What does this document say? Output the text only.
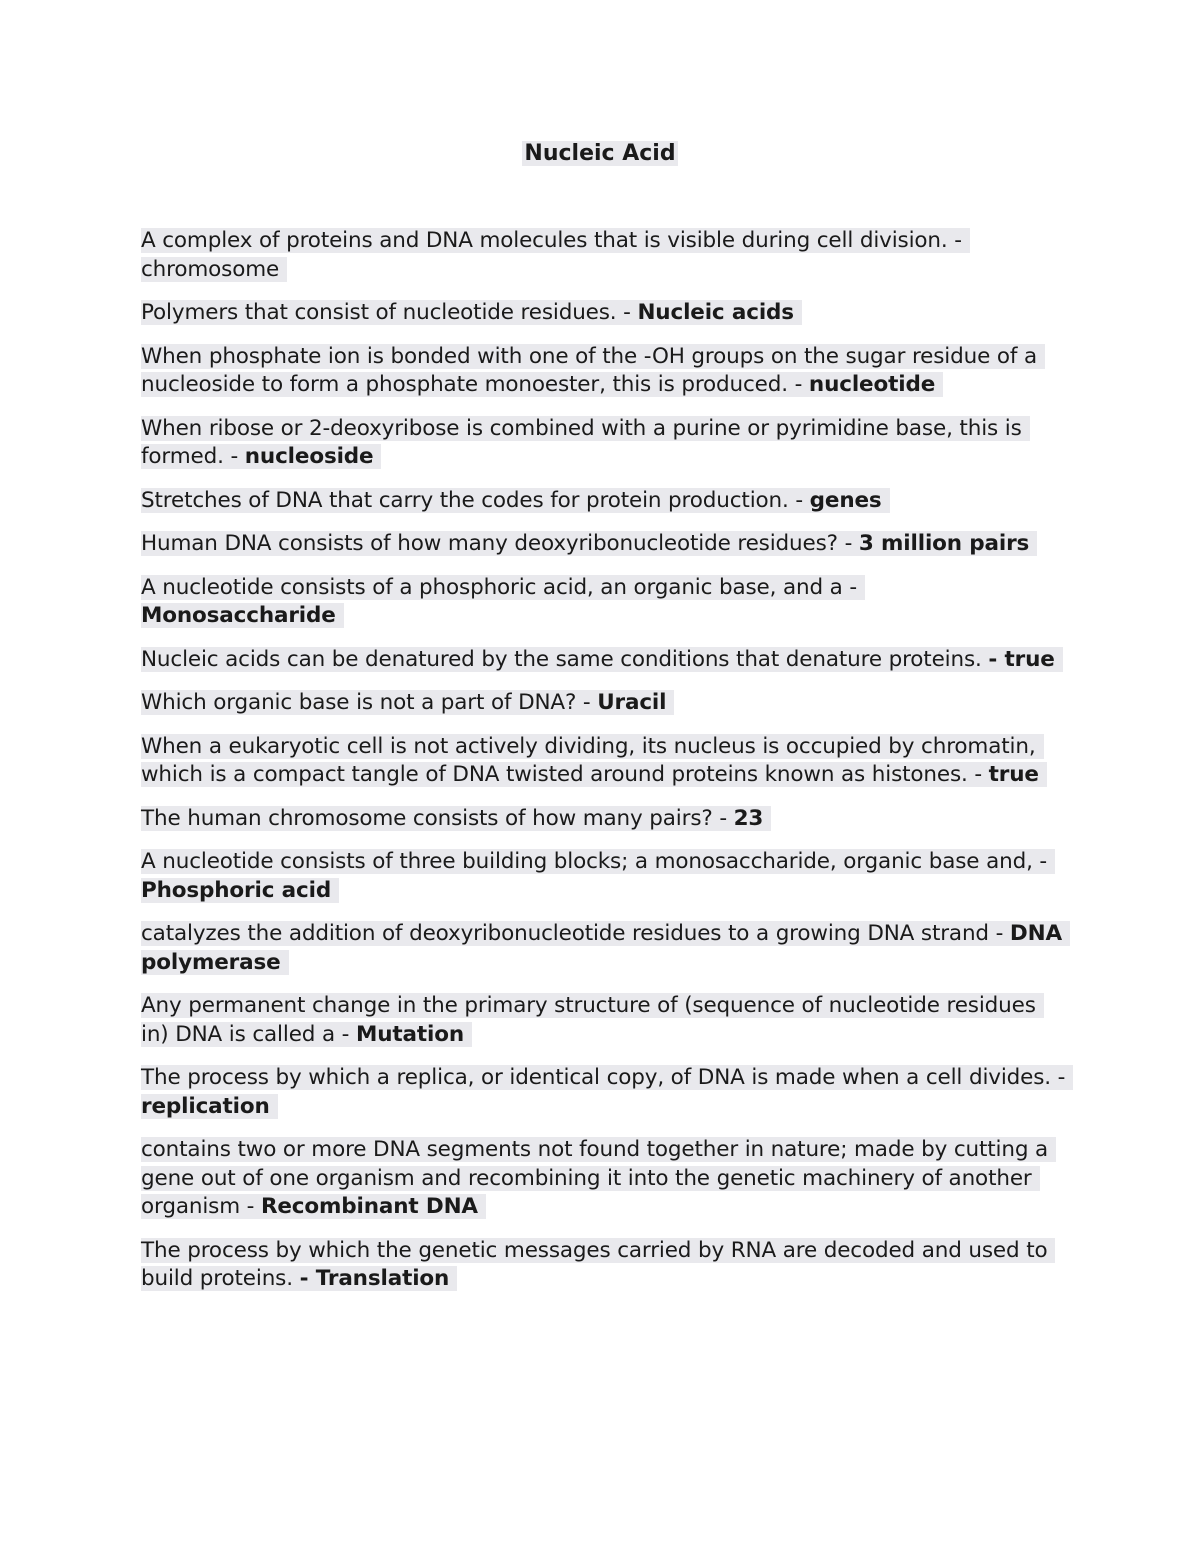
Nucleic Acid

A complex of proteins and DNA molecules that is visible during cell division. - chromosome

Polymers that consist of nucleotide residues. - Nucleic acids

When phosphate ion is bonded with one of the -OH groups on the sugar residue of a nucleoside to form a phosphate monoester, this is produced. - nucleotide

When ribose or 2-deoxyribose is combined with a purine or pyrimidine base, this is formed. - nucleoside

Stretches of DNA that carry the codes for protein production. - genes

Human DNA consists of how many deoxyribonucleotide residues? - 3 million pairs

A nucleotide consists of a phosphoric acid, an organic base, and a - Monosaccharide

Nucleic acids can be denatured by the same conditions that denature proteins. - true

Which organic base is not a part of DNA? - Uracil

When a eukaryotic cell is not actively dividing, its nucleus is occupied by chromatin, which is a compact tangle of DNA twisted around proteins known as histones. - true

The human chromosome consists of how many pairs? - 23

A nucleotide consists of three building blocks; a monosaccharide, organic base and, - Phosphoric acid

catalyzes the addition of deoxyribonucleotide residues to a growing DNA strand - DNA polymerase

Any permanent change in the primary structure of (sequence of nucleotide residues in) DNA is called a - Mutation

The process by which a replica, or identical copy, of DNA is made when a cell divides. - replication

contains two or more DNA segments not found together in nature; made by cutting a gene out of one organism and recombining it into the genetic machinery of another organism - Recombinant DNA

The process by which the genetic messages carried by RNA are decoded and used to build proteins. - Translation
